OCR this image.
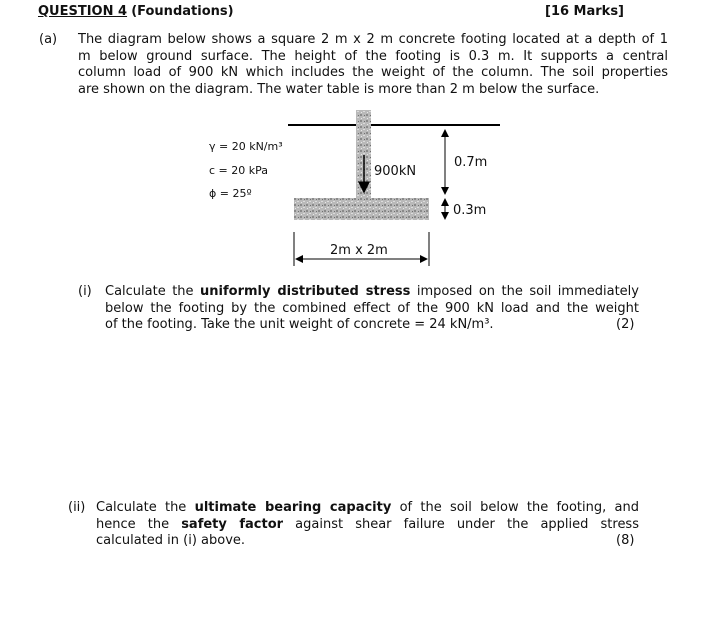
QUESTION 4 (Foundations)	[16 Marks]
(a) The diagram below shows a square 2 m x 2 m concrete footing located at a depth of 1
m below ground surface. The height of the footing is 0.3 m. It supports a central
column load of 900 kN which includes the weight of the column. The soil properties
are shown on the diagram. The water table is more than 2 m below the surface.
γ = 20 kN/m³
c = 20 kPa
ϕ = 25º
900kN
0.7m
0.3m
2m x 2m
(i) Calculate the uniformly distributed stress imposed on the soil immediately
below the footing by the combined effect of the 900 kN load and the weight
of the footing. Take the unit weight of concrete = 24 kN/m³.	(2)
(ii) Calculate the ultimate bearing capacity of the soil below the footing, and
hence the safety factor against shear failure under the applied stress
calculated in (i) above.	(8)
